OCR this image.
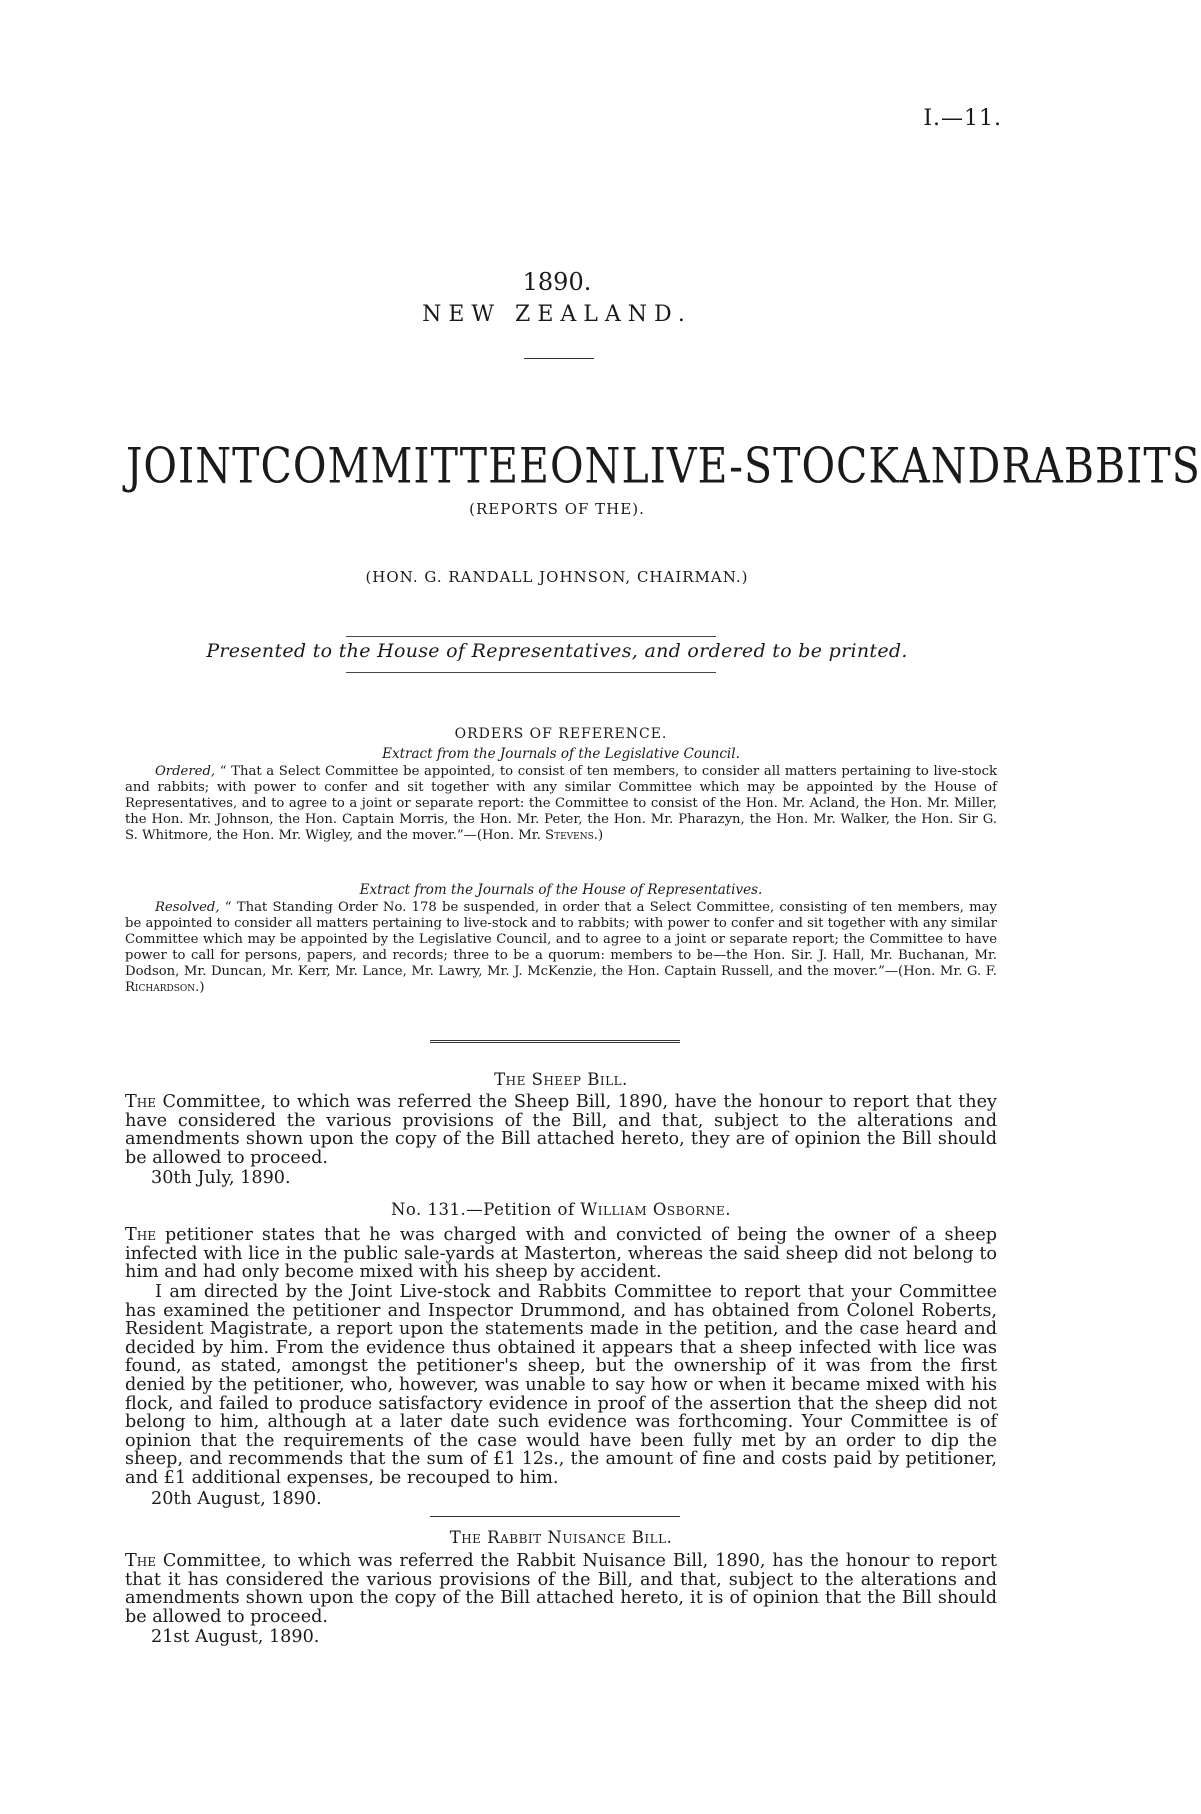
I.—11.
1890.
NEW ZEALAND.
JOINT COMMITTEE ON LIVE-STOCK AND RABBITS
(REPORTS OF THE).
(HON. G. RANDALL JOHNSON, CHAIRMAN.)
Presented to the House of Representatives, and ordered to be printed.
ORDERS OF REFERENCE.
Extract from the Journals of the Legislative Council.
Ordered, “ That a Select Committee be appointed, to consist of ten members, to consider all matters pertaining to live-stock and rabbits; with power to confer and sit together with any similar Committee which may be appointed by the House of Representatives, and to agree to a joint or separate report: the Committee to consist of the Hon. Mr. Acland, the Hon. Mr. Miller, the Hon. Mr. Johnson, the Hon. Captain Morris, the Hon. Mr. Peter, the Hon. Mr. Pharazyn, the Hon. Mr. Walker, the Hon. Sir G. S. Whitmore, the Hon. Mr. Wigley, and the mover.”—(Hon. Mr. Stevens.)
Extract from the Journals of the House of Representatives.
Resolved, “ That Standing Order No. 178 be suspended, in order that a Select Committee, consisting of ten members, may be appointed to consider all matters pertaining to live-stock and to rabbits; with power to confer and sit together with any similar Committee which may be appointed by the Legislative Council, and to agree to a joint or separate report; the Committee to have power to call for persons, papers, and records; three to be a quorum: members to be—the Hon. Sir. J. Hall, Mr. Buchanan, Mr. Dodson, Mr. Duncan, Mr. Kerr, Mr. Lance, Mr. Lawry, Mr. J. McKenzie, the Hon. Captain Russell, and the mover.”—(Hon. Mr. G. F. Richardson.)
The Sheep Bill.
The Committee, to which was referred the Sheep Bill, 1890, have the honour to report that they have considered the various provisions of the Bill, and that, subject to the alterations and amendments shown upon the copy of the Bill attached hereto, they are of opinion the Bill should be allowed to proceed.
30th July, 1890.
No. 131.—Petition of William Osborne.
The petitioner states that he was charged with and convicted of being the owner of a sheep infected with lice in the public sale-yards at Masterton, whereas the said sheep did not belong to him and had only become mixed with his sheep by accident.
I am directed by the Joint Live-stock and Rabbits Committee to report that your Committee has examined the petitioner and Inspector Drummond, and has obtained from Colonel Roberts, Resident Magistrate, a report upon the statements made in the petition, and the case heard and decided by him. From the evidence thus obtained it appears that a sheep infected with lice was found, as stated, amongst the petitioner's sheep, but the ownership of it was from the first denied by the petitioner, who, however, was unable to say how or when it became mixed with his flock, and failed to produce satisfactory evidence in proof of the assertion that the sheep did not belong to him, although at a later date such evidence was forthcoming. Your Committee is of opinion that the requirements of the case would have been fully met by an order to dip the sheep, and recommends that the sum of £1 12s., the amount of fine and costs paid by petitioner, and £1 additional expenses, be recouped to him.
20th August, 1890.
The Rabbit Nuisance Bill.
The Committee, to which was referred the Rabbit Nuisance Bill, 1890, has the honour to report that it has considered the various provisions of the Bill, and that, subject to the alterations and amendments shown upon the copy of the Bill attached hereto, it is of opinion that the Bill should be allowed to proceed.
21st August, 1890.
